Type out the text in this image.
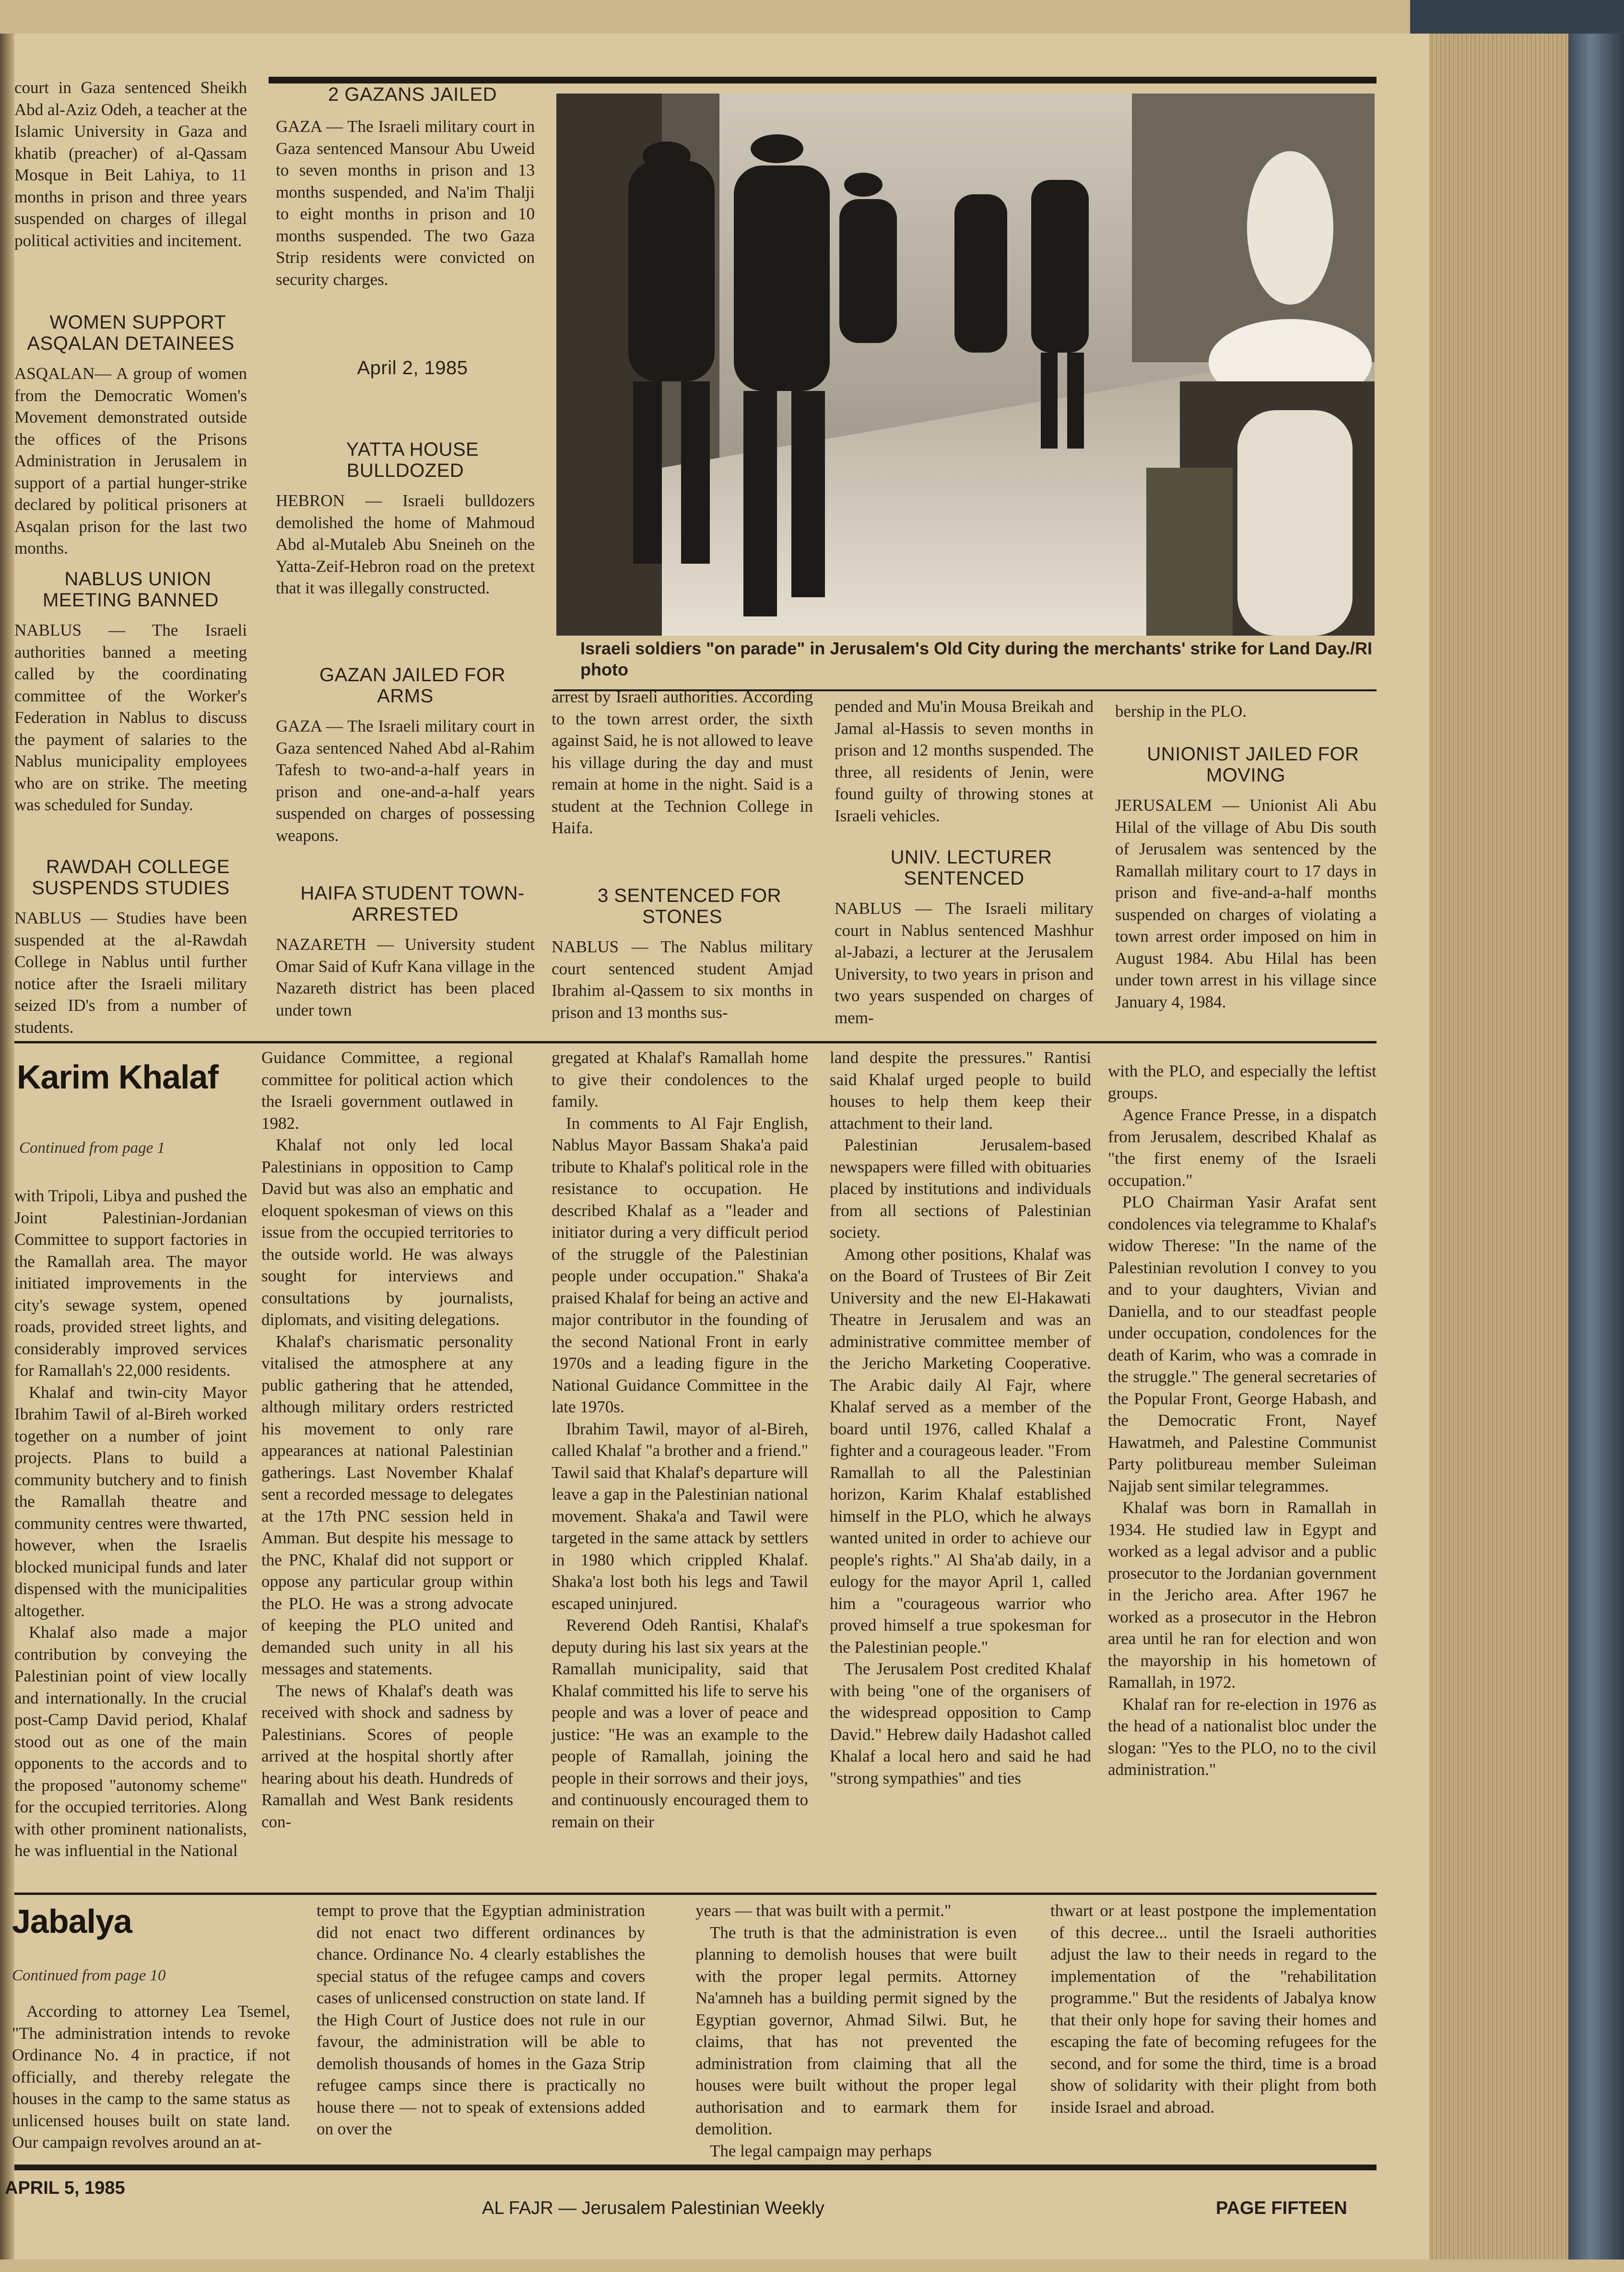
court in Gaza sentenced Sheikh Abd al-Aziz Odeh, a teacher at the Islamic University in Gaza and khatib (preacher) of al-Qassam Mosque in Beit Lahiya, to 11 months in prison and three years suspended on charges of illegal political activities and incitement.

WOMEN SUPPORT ASQALAN DETAINEES

ASQALAN— A group of women from the Democratic Women's Movement demonstrated outside the offices of the Prisons Administration in Jerusalem in support of a partial hunger-strike declared by political prisoners at Asqalan prison for the last two months.

NABLUS UNION MEETING BANNED

NABLUS — The Israeli authorities banned a meeting called by the coordinating committee of the Worker's Federation in Nablus to discuss the payment of salaries to the Nablus municipality employees who are on strike. The meeting was scheduled for Sunday.

RAWDAH COLLEGE SUSPENDS STUDIES

NABLUS — Studies have been suspended at the al-Rawdah College in Nablus until further notice after the Israeli military seized ID's from a number of students.

2 GAZANS JAILED

GAZA — The Israeli military court in Gaza sentenced Mansour Abu Uweid to seven months in prison and 13 months suspended, and Na'im Thalji to eight months in prison and 10 months suspended. The two Gaza Strip residents were convicted on security charges.

April 2, 1985

YATTA HOUSE BULLDOZED

HEBRON — Israeli bulldozers demolished the home of Mahmoud Abd al-Mutaleb Abu Sneineh on the Yatta-Zeif-Hebron road on the pretext that it was illegally constructed.

GAZAN JAILED FOR ARMS

GAZA — The Israeli military court in Gaza sentenced Nahed Abd al-Rahim Tafesh to two-and-a-half years in prison and one-and-a-half years suspended on charges of possessing weapons.

HAIFA STUDENT TOWN-ARRESTED

NAZARETH — University student Omar Said of Kufr Kana village in the Nazareth district has been placed under town

Israeli soldiers "on parade" in Jerusalem's Old City during the merchants' strike for Land Day./RI photo

arrest by Israeli authorities. According to the town arrest order, the sixth against Said, he is not allowed to leave his village during the day and must remain at home in the night. Said is a student at the Technion College in Haifa.

3 SENTENCED FOR STONES

NABLUS — The Nablus military court sentenced student Amjad Ibrahim al-Qassem to six months in prison and 13 months sus-

pended and Mu'in Mousa Breikah and Jamal al-Hassis to seven months in prison and 12 months suspended. The three, all residents of Jenin, were found guilty of throwing stones at Israeli vehicles.

UNIV. LECTURER SENTENCED

NABLUS — The Israeli military court in Nablus sentenced Mashhur al-Jabazi, a lecturer at the Jerusalem University, to two years in prison and two years suspended on charges of mem-

bership in the PLO.

UNIONIST JAILED FOR MOVING

JERUSALEM — Unionist Ali Abu Hilal of the village of Abu Dis south of Jerusalem was sentenced by the Ramallah military court to 17 days in prison and five-and-a-half months suspended on charges of violating a town arrest order imposed on him in August 1984. Abu Hilal has been under town arrest in his village since January 4, 1984.

Karim Khalaf
Continued from page 1

with Tripoli, Libya and pushed the Joint Palestinian-Jordanian Committee to support factories in the Ramallah area. The mayor initiated improvements in the city's sewage system, opened roads, provided street lights, and considerably improved services for Ramallah's 22,000 residents.

Khalaf and twin-city Mayor Ibrahim Tawil of al-Bireh worked together on a number of joint projects. Plans to build a community butchery and to finish the Ramallah theatre and community centres were thwarted, however, when the Israelis blocked municipal funds and later dispensed with the municipalities altogether.

Khalaf also made a major contribution by conveying the Palestinian point of view locally and internationally. In the crucial post-Camp David period, Khalaf stood out as one of the main opponents to the accords and to the proposed "autonomy scheme" for the occupied territories. Along with other prominent nationalists, he was influential in the National

Guidance Committee, a regional committee for political action which the Israeli government outlawed in 1982.

Khalaf not only led local Palestinians in opposition to Camp David but was also an emphatic and eloquent spokesman of views on this issue from the occupied territories to the outside world. He was always sought for interviews and consultations by journalists, diplomats, and visiting delegations.

Khalaf's charismatic personality vitalised the atmosphere at any public gathering that he attended, although military orders restricted his movement to only rare appearances at national Palestinian gatherings. Last November Khalaf sent a recorded message to delegates at the 17th PNC session held in Amman. But despite his message to the PNC, Khalaf did not support or oppose any particular group within the PLO. He was a strong advocate of keeping the PLO united and demanded such unity in all his messages and statements.

The news of Khalaf's death was received with shock and sadness by Palestinians. Scores of people arrived at the hospital shortly after hearing about his death. Hundreds of Ramallah and West Bank residents con-

gregated at Khalaf's Ramallah home to give their condolences to the family.

In comments to Al Fajr English, Nablus Mayor Bassam Shaka'a paid tribute to Khalaf's political role in the resistance to occupation. He described Khalaf as a "leader and initiator during a very difficult period of the struggle of the Palestinian people under occupation." Shaka'a praised Khalaf for being an active and major contributor in the founding of the second National Front in early 1970s and a leading figure in the National Guidance Committee in the late 1970s.

Ibrahim Tawil, mayor of al-Bireh, called Khalaf "a brother and a friend." Tawil said that Khalaf's departure will leave a gap in the Palestinian national movement. Shaka'a and Tawil were targeted in the same attack by settlers in 1980 which crippled Khalaf. Shaka'a lost both his legs and Tawil escaped uninjured.

Reverend Odeh Rantisi, Khalaf's deputy during his last six years at the Ramallah municipality, said that Khalaf committed his life to serve his people and was a lover of peace and justice: "He was an example to the people of Ramallah, joining the people in their sorrows and their joys, and continuously encouraged them to remain on their

land despite the pressures." Rantisi said Khalaf urged people to build houses to help them keep their attachment to their land.

Palestinian Jerusalem-based newspapers were filled with obituaries placed by institutions and individuals from all sections of Palestinian society.

Among other positions, Khalaf was on the Board of Trustees of Bir Zeit University and the new El-Hakawati Theatre in Jerusalem and was an administrative committee member of the Jericho Marketing Cooperative. The Arabic daily Al Fajr, where Khalaf served as a member of the board until 1976, called Khalaf a fighter and a courageous leader. "From Ramallah to all the Palestinian horizon, Karim Khalaf established himself in the PLO, which he always wanted united in order to achieve our people's rights." Al Sha'ab daily, in a eulogy for the mayor April 1, called him a "courageous warrior who proved himself a true spokesman for the Palestinian people."

The Jerusalem Post credited Khalaf with being "one of the organisers of the widespread opposition to Camp David." Hebrew daily Hadashot called Khalaf a local hero and said he had "strong sympathies" and ties

with the PLO, and especially the leftist groups.

Agence France Presse, in a dispatch from Jerusalem, described Khalaf as "the first enemy of the Israeli occupation."

PLO Chairman Yasir Arafat sent condolences via telegramme to Khalaf's widow Therese: "In the name of the Palestinian revolution I convey to you and to your daughters, Vivian and Daniella, and to our steadfast people under occupation, condolences for the death of Karim, who was a comrade in the struggle." The general secretaries of the Popular Front, George Habash, and the Democratic Front, Nayef Hawatmeh, and Palestine Communist Party politbureau member Suleiman Najjab sent similar telegrammes.

Khalaf was born in Ramallah in 1934. He studied law in Egypt and worked as a legal advisor and a public prosecutor to the Jordanian government in the Jericho area. After 1967 he worked as a prosecutor in the Hebron area until he ran for election and won the mayorship in his hometown of Ramallah, in 1972.

Khalaf ran for re-election in 1976 as the head of a nationalist bloc under the slogan: "Yes to the PLO, no to the civil administration."

Jabalya
Continued from page 10

According to attorney Lea Tsemel, "The administration intends to revoke Ordinance No. 4 in practice, if not officially, and thereby relegate the houses in the camp to the same status as unlicensed houses built on state land. Our campaign revolves around an at-

tempt to prove that the Egyptian administration did not enact two different ordinances by chance. Ordinance No. 4 clearly establishes the special status of the refugee camps and covers cases of unlicensed construction on state land. If the High Court of Justice does not rule in our favour, the administration will be able to demolish thousands of homes in the Gaza Strip refugee camps since there is practically no house there — not to speak of extensions added on over the

years — that was built with a permit."

The truth is that the administration is even planning to demolish houses that were built with the proper legal permits. Attorney Na'amneh has a building permit signed by the Egyptian governor, Ahmad Silwi. But, he claims, that has not prevented the administration from claiming that all the houses were built without the proper legal authorisation and to earmark them for demolition.

The legal campaign may perhaps

thwart or at least postpone the implementation of this decree... until the Israeli authorities adjust the law to their needs in regard to the implementation of the "rehabilitation programme." But the residents of Jabalya know that their only hope for saving their homes and escaping the fate of becoming refugees for the second, and for some the third, time is a broad show of solidarity with their plight from both inside Israel and abroad.

APRIL 5, 1985
AL FAJR — Jerusalem Palestinian Weekly	PAGE FIFTEEN
